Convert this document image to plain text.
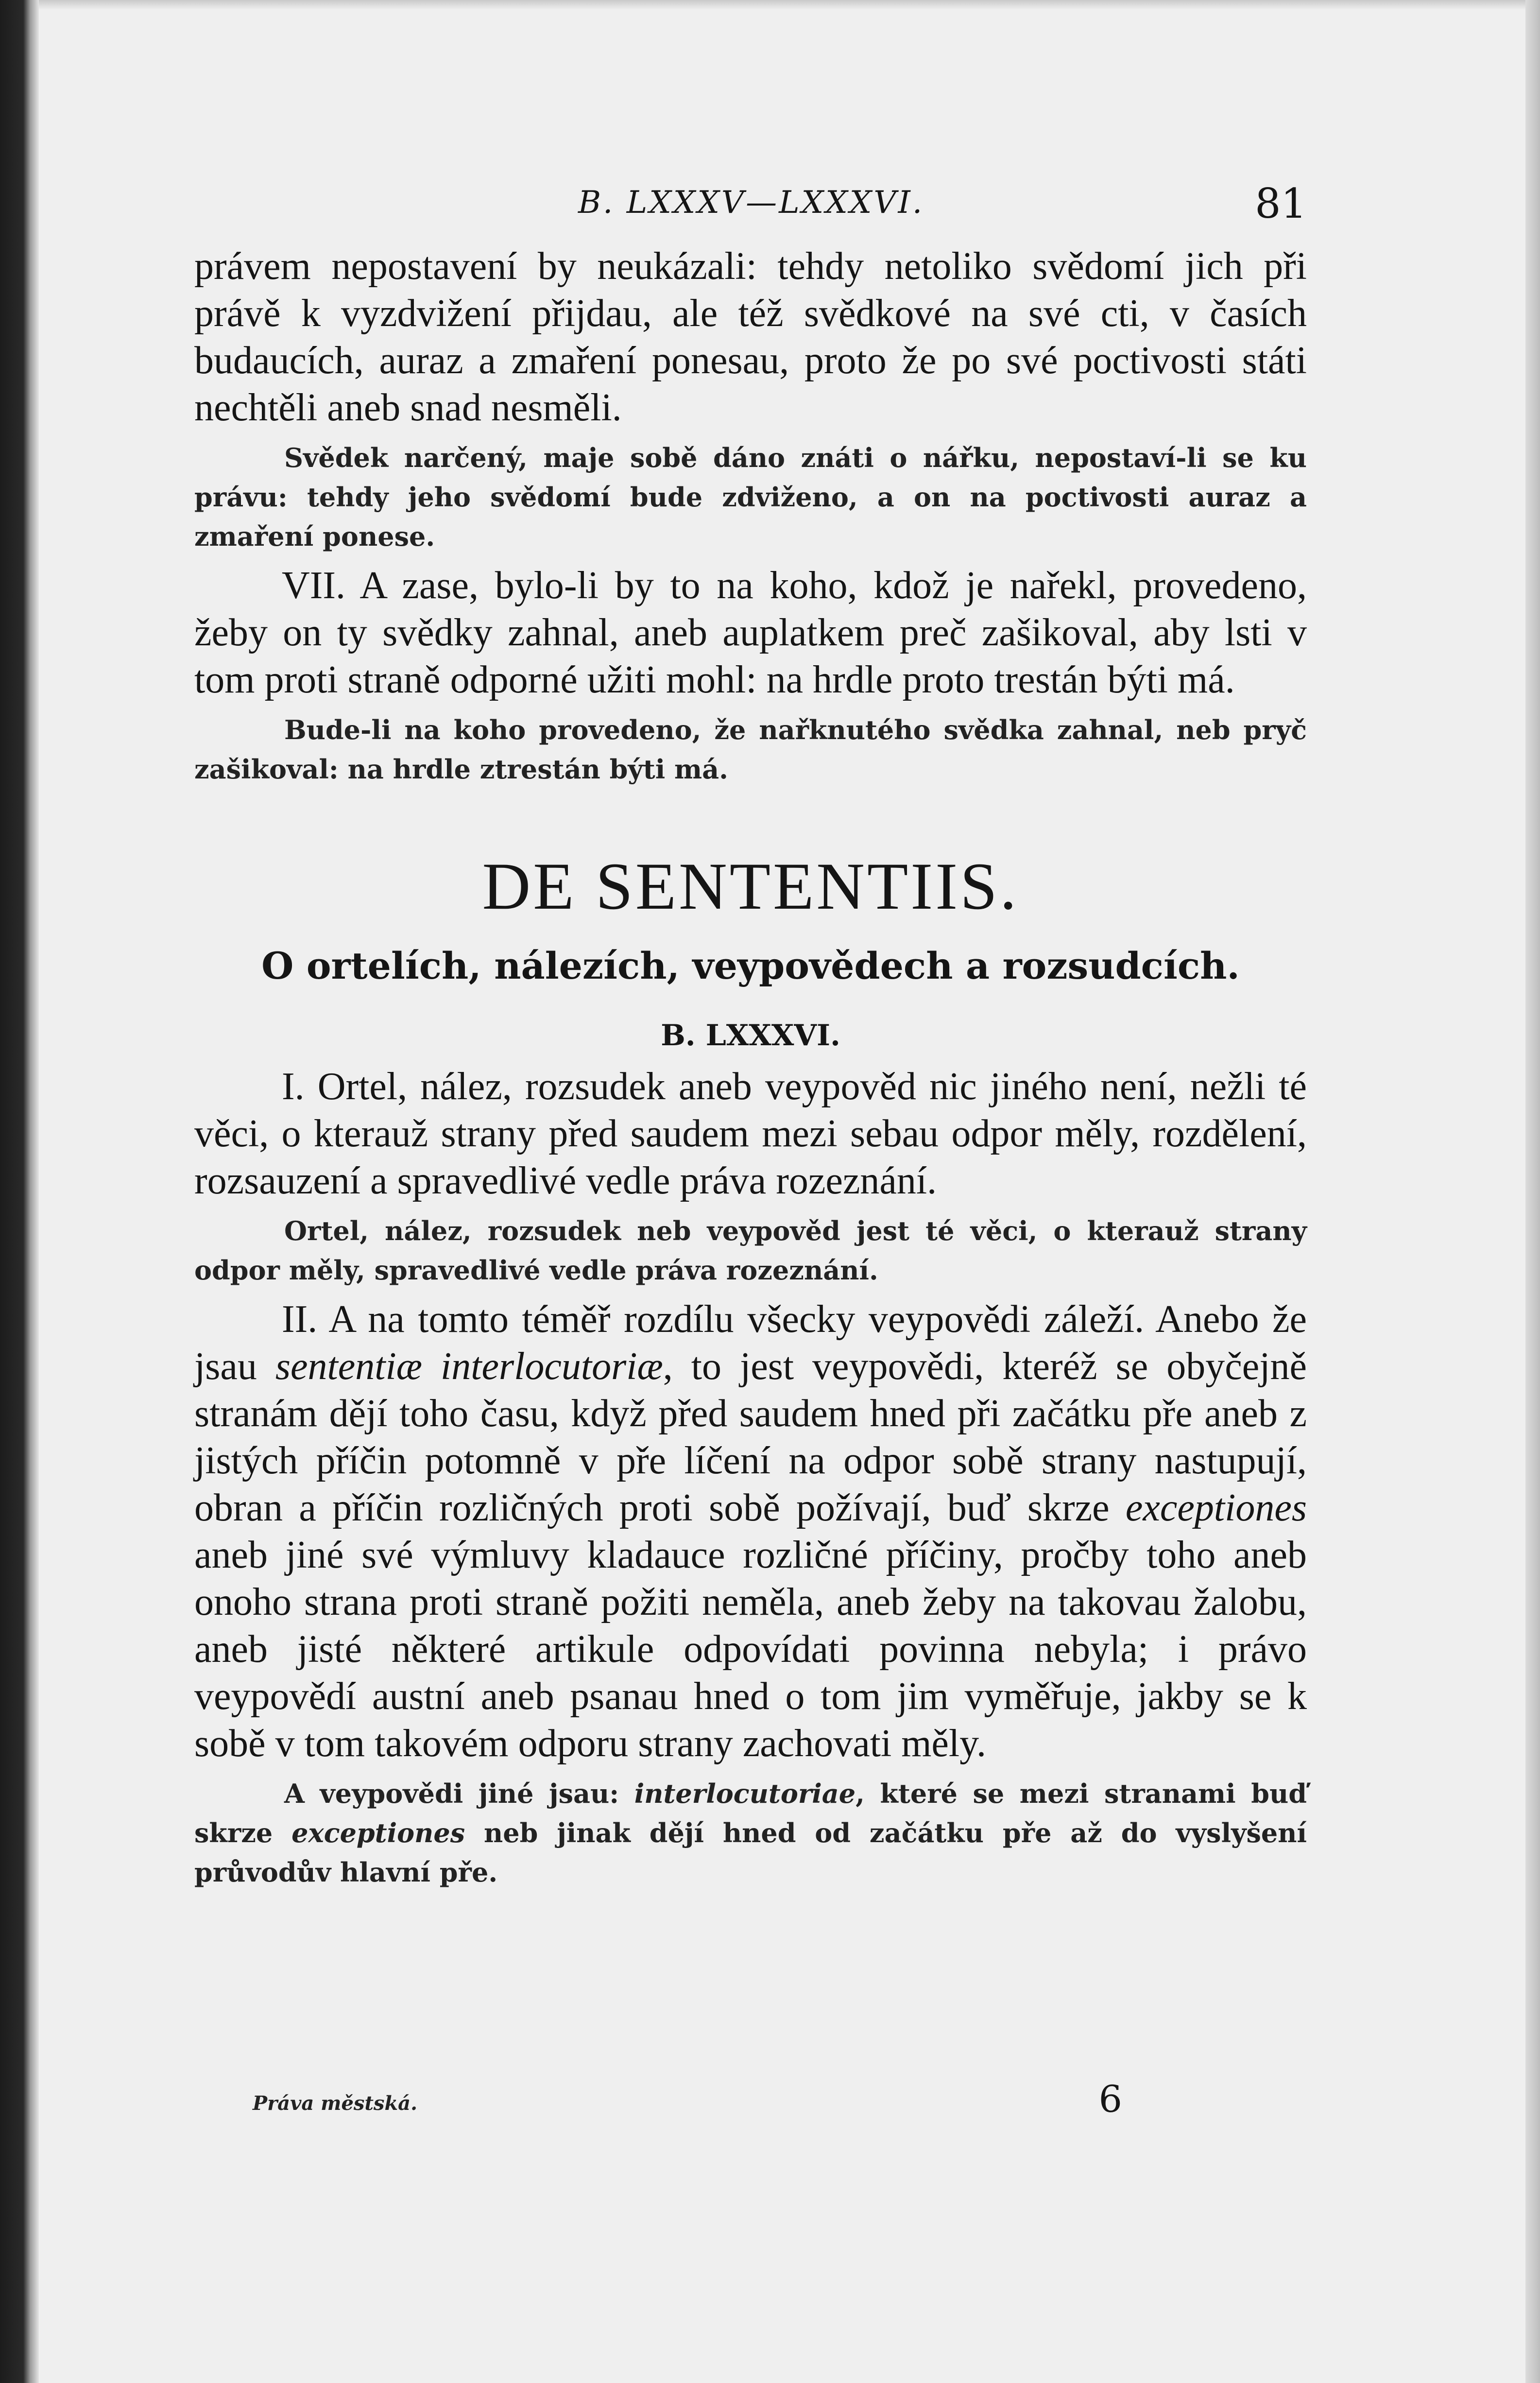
B. LXXXV—LXXXVI.	81

právem nepostavení by neukázali: tehdy netoliko svědomí jich při právě k vyzdvižení přijdau, ale též svědkové na své cti, v časích budaucích, auraz a zmaření ponesau, proto že po své poctivosti státi nechtěli aneb snad nesměli.

Svědek narčený, maje sobě dáno znáti o nářku, nepostaví-li se ku právu: tehdy jeho svědomí bude zdviženo, a on na poctivosti auraz a zmaření ponese.

VII. A zase, bylo-li by to na koho, kdož je nařekl, provedeno, žeby on ty svědky zahnal, aneb auplatkem preč zašikoval, aby lsti v tom proti straně odporné užiti mohl: na hrdle proto trestán býti má.

Bude-li na koho provedeno, že nařknutého svědka zahnal, neb pryč zašikoval: na hrdle ztrestán býti má.

DE SENTENTIIS.
O ortelích, nálezích, veypovědech a rozsudcích.
B. LXXXVI.

I. Ortel, nález, rozsudek aneb veypověd nic jiného není, nežli té věci, o kterauž strany před saudem mezi sebau odpor měly, rozdělení, rozsauzení a spravedlivé vedle práva rozeznání.

Ortel, nález, rozsudek neb veypověd jest té věci, o kterauž strany odpor měly, spravedlivé vedle práva rozeznání.

II. A na tomto téměř rozdílu všecky veypovědi záleží. Anebo že jsau sententiæ interlocutoriæ, to jest veypovědi, kteréž se obyčejně stranám dějí toho času, když před saudem hned při začátku pře aneb z jistých příčin potomně v pře líčení na odpor sobě strany nastupují, obran a příčin rozličných proti sobě požívají, buď skrze exceptiones aneb jiné své výmluvy kladauce rozličné příčiny, pročby toho aneb onoho strana proti straně požiti neměla, aneb žeby na takovau žalobu, aneb jisté některé artikule odpovídati povinna nebyla; i právo veypovědí austní aneb psanau hned o tom jim vyměřuje, jakby se k sobě v tom takovém odporu strany zachovati měly.

A veypovědi jiné jsau: interlocutoriae, které se mezi stranami buď skrze exceptiones neb jinak dějí hned od začátku pře až do vyslyšení průvodův hlavní pře.

Práva městská.	6
